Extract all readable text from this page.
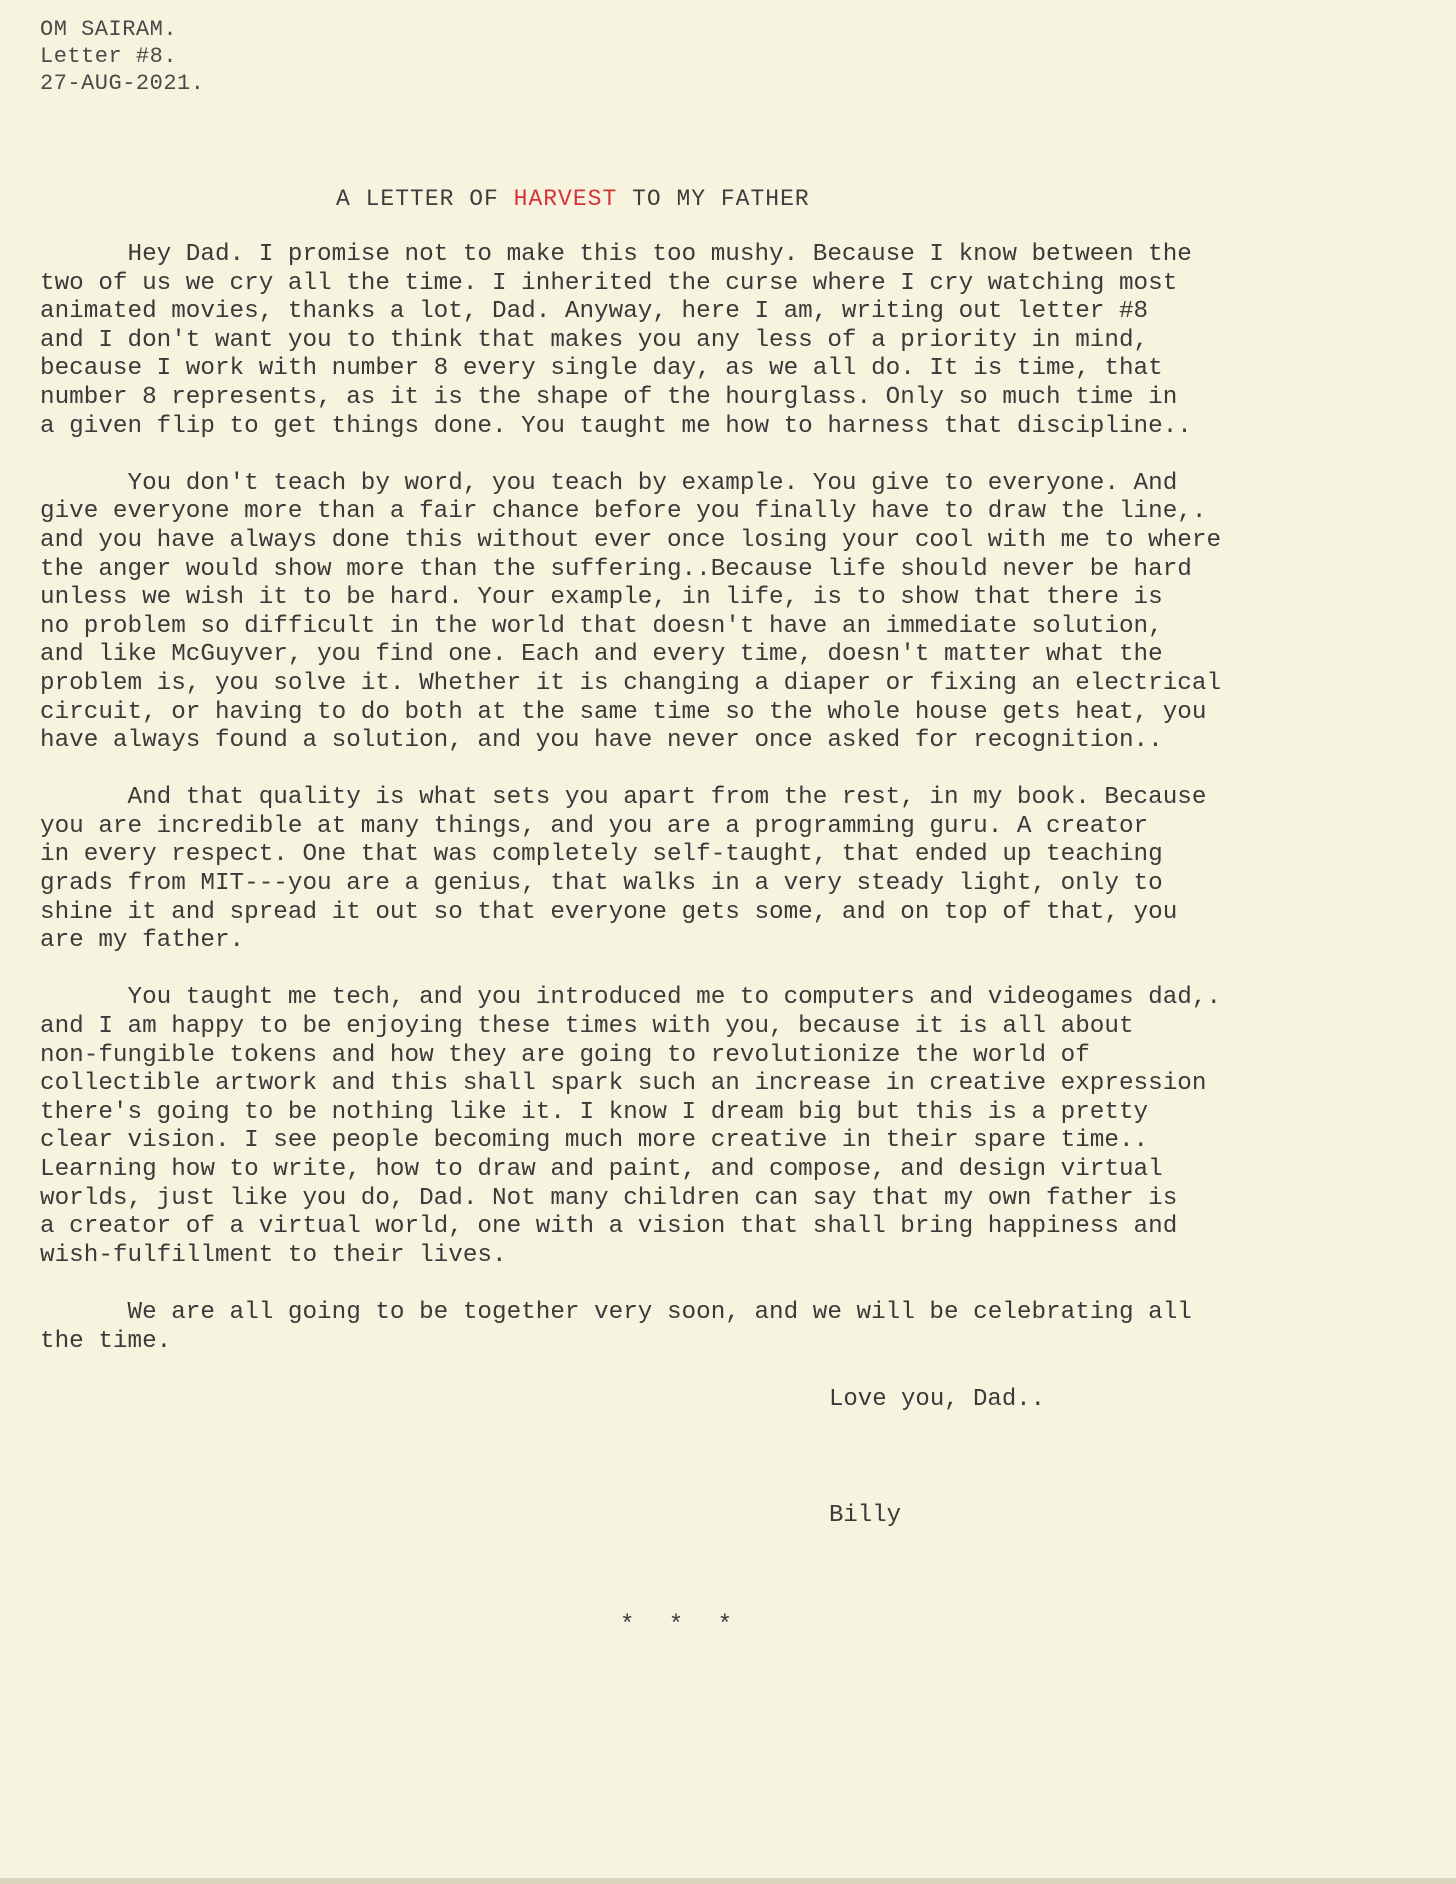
OM SAIRAM.
Letter #8.
27-AUG-2021.
A LETTER OF HARVEST TO MY FATHER

Hey Dad. I promise not to make this too mushy. Because I know between the
two of us we cry all the time. I inherited the curse where I cry watching most
animated movies, thanks a lot, Dad. Anyway, here I am, writing out letter #8
and I don't want you to think that makes you any less of a priority in mind,
because I work with number 8 every single day, as we all do. It is time, that
number 8 represents, as it is the shape of the hourglass. Only so much time in
a given flip to get things done. You taught me how to harness that discipline..

You don't teach by word, you teach by example. You give to everyone. And
give everyone more than a fair chance before you finally have to draw the line,.
and you have always done this without ever once losing your cool with me to where
the anger would show more than the suffering..Because life should never be hard
unless we wish it to be hard. Your example, in life, is to show that there is
no problem so difficult in the world that doesn't have an immediate solution,
and like McGuyver, you find one. Each and every time, doesn't matter what the
problem is, you solve it. Whether it is changing a diaper or fixing an electrical
circuit, or having to do both at the same time so the whole house gets heat, you
have always found a solution, and you have never once asked for recognition..

And that quality is what sets you apart from the rest, in my book. Because
you are incredible at many things, and you are a programming guru. A creator
in every respect. One that was completely self-taught, that ended up teaching
grads from MIT---you are a genius, that walks in a very steady light, only to
shine it and spread it out so that everyone gets some, and on top of that, you
are my father.

You taught me tech, and you introduced me to computers and videogames dad,.
and I am happy to be enjoying these times with you, because it is all about
non-fungible tokens and how they are going to revolutionize the world of
collectible artwork and this shall spark such an increase in creative expression
there's going to be nothing like it. I know I dream big but this is a pretty
clear vision. I see people becoming much more creative in their spare time..
Learning how to write, how to draw and paint, and compose, and design virtual
worlds, just like you do, Dad. Not many children can say that my own father is
a creator of a virtual world, one with a vision that shall bring happiness and
wish-fulfillment to their lives.

We are all going to be together very soon, and we will be celebrating all
the time.

Love you, Dad..
Billy
* * *
